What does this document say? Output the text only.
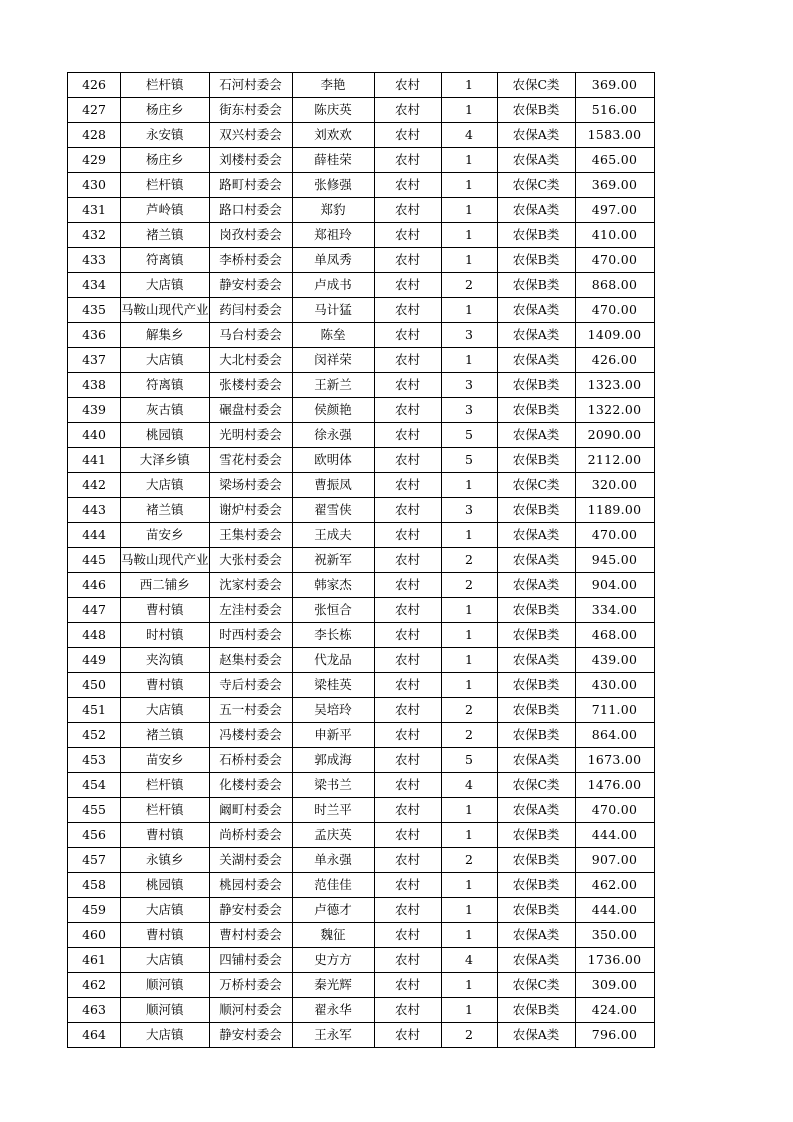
426	栏杆镇	石河村委会	李艳	农村	1	农保C类	369.00
427	杨庄乡	街东村委会	陈庆英	农村	1	农保B类	516.00
428	永安镇	双兴村委会	刘欢欢	农村	4	农保A类	1583.00
429	杨庄乡	刘楼村委会	薛桂荣	农村	1	农保A类	465.00
430	栏杆镇	路町村委会	张修强	农村	1	农保C类	369.00
431	芦岭镇	路口村委会	郑豹	农村	1	农保A类	497.00
432	褚兰镇	岗孜村委会	郑祖玲	农村	1	农保B类	410.00
433	符离镇	李桥村委会	单凤秀	农村	1	农保B类	470.00
434	大店镇	静安村委会	卢成书	农村	2	农保B类	868.00
435	马鞍山现代产业	药闫村委会	马计猛	农村	1	农保A类	470.00
436	解集乡	马台村委会	陈垒	农村	3	农保A类	1409.00
437	大店镇	大北村委会	闵祥荣	农村	1	农保A类	426.00
438	符离镇	张楼村委会	王新兰	农村	3	农保B类	1323.00
439	灰古镇	碾盘村委会	侯颜艳	农村	3	农保B类	1322.00
440	桃园镇	光明村委会	徐永强	农村	5	农保A类	2090.00
441	大泽乡镇	雪花村委会	欧明体	农村	5	农保B类	2112.00
442	大店镇	梁场村委会	曹振凤	农村	1	农保C类	320.00
443	褚兰镇	谢炉村委会	翟雪侠	农村	3	农保B类	1189.00
444	苗安乡	王集村委会	王成夫	农村	1	农保A类	470.00
445	马鞍山现代产业	大张村委会	祝新军	农村	2	农保A类	945.00
446	西二铺乡	沈家村委会	韩家杰	农村	2	农保A类	904.00
447	曹村镇	左洼村委会	张恒合	农村	1	农保B类	334.00
448	时村镇	时西村委会	李长栋	农村	1	农保B类	468.00
449	夹沟镇	赵集村委会	代龙品	农村	1	农保A类	439.00
450	曹村镇	寺后村委会	梁桂英	农村	1	农保B类	430.00
451	大店镇	五一村委会	吴培玲	农村	2	农保B类	711.00
452	褚兰镇	冯楼村委会	申新平	农村	2	农保B类	864.00
453	苗安乡	石桥村委会	郭成海	农村	5	农保A类	1673.00
454	栏杆镇	化楼村委会	梁书兰	农村	4	农保C类	1476.00
455	栏杆镇	阚町村委会	时兰平	农村	1	农保A类	470.00
456	曹村镇	尚桥村委会	孟庆英	农村	1	农保B类	444.00
457	永镇乡	关湖村委会	单永强	农村	2	农保B类	907.00
458	桃园镇	桃园村委会	范佳佳	农村	1	农保B类	462.00
459	大店镇	静安村委会	卢德才	农村	1	农保B类	444.00
460	曹村镇	曹村村委会	魏征	农村	1	农保A类	350.00
461	大店镇	四铺村委会	史方方	农村	4	农保A类	1736.00
462	顺河镇	万桥村委会	秦光辉	农村	1	农保C类	309.00
463	顺河镇	顺河村委会	翟永华	农村	1	农保B类	424.00
464	大店镇	静安村委会	王永军	农村	2	农保A类	796.00
